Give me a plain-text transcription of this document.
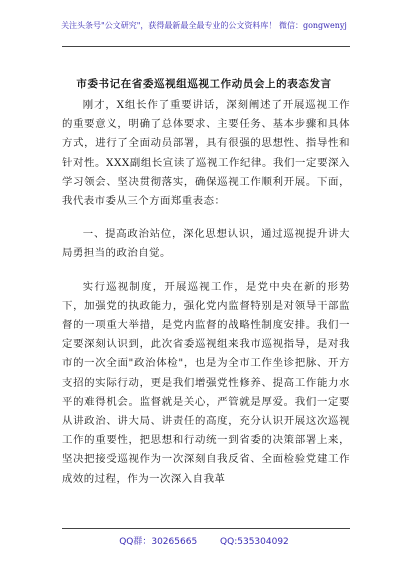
关注头条号"公文研究"，获得最新最全最专业的公文资料库！ 微信：gongwenyj
市委书记在省委巡视组巡视工作动员会上的表态发言

刚才，X组长作了重要讲话，深刻阐述了开展巡视工作的重要意义，明确了总体要求、主要任务、基本步骤和具体方式，进行了全面动员部署，具有很强的思想性、指导性和针对性。XXX副组长宣读了巡视工作纪律。我们一定要深入学习领会、坚决贯彻落实，确保巡视工作顺利开展。下面，我代表市委从三个方面郑重表态：

一、提高政治站位，深化思想认识，通过巡视提升讲大局勇担当的政治自觉。

实行巡视制度，开展巡视工作，是党中央在新的形势下，加强党的执政能力，强化党内监督特别是对领导干部监督的一项重大举措，是党内监督的战略性制度安排。我们一定要深刻认识到，此次省委巡视组来我市巡视指导，是对我市的一次全面"政治体检"，也是为全市工作坐诊把脉、开方支招的实际行动，更是我们增强党性修养、提高工作能力水平的难得机会。监督就是关心，严管就是厚爱。我们一定要从讲政治、讲大局、讲责任的高度，充分认识开展这次巡视工作的重要性，把思想和行动统一到省委的决策部署上来，坚决把接受巡视作为一次深刻自我反省、全面检验党建工作成效的过程，作为一次深入自我革

QQ群：30265665	QQ:535304092
